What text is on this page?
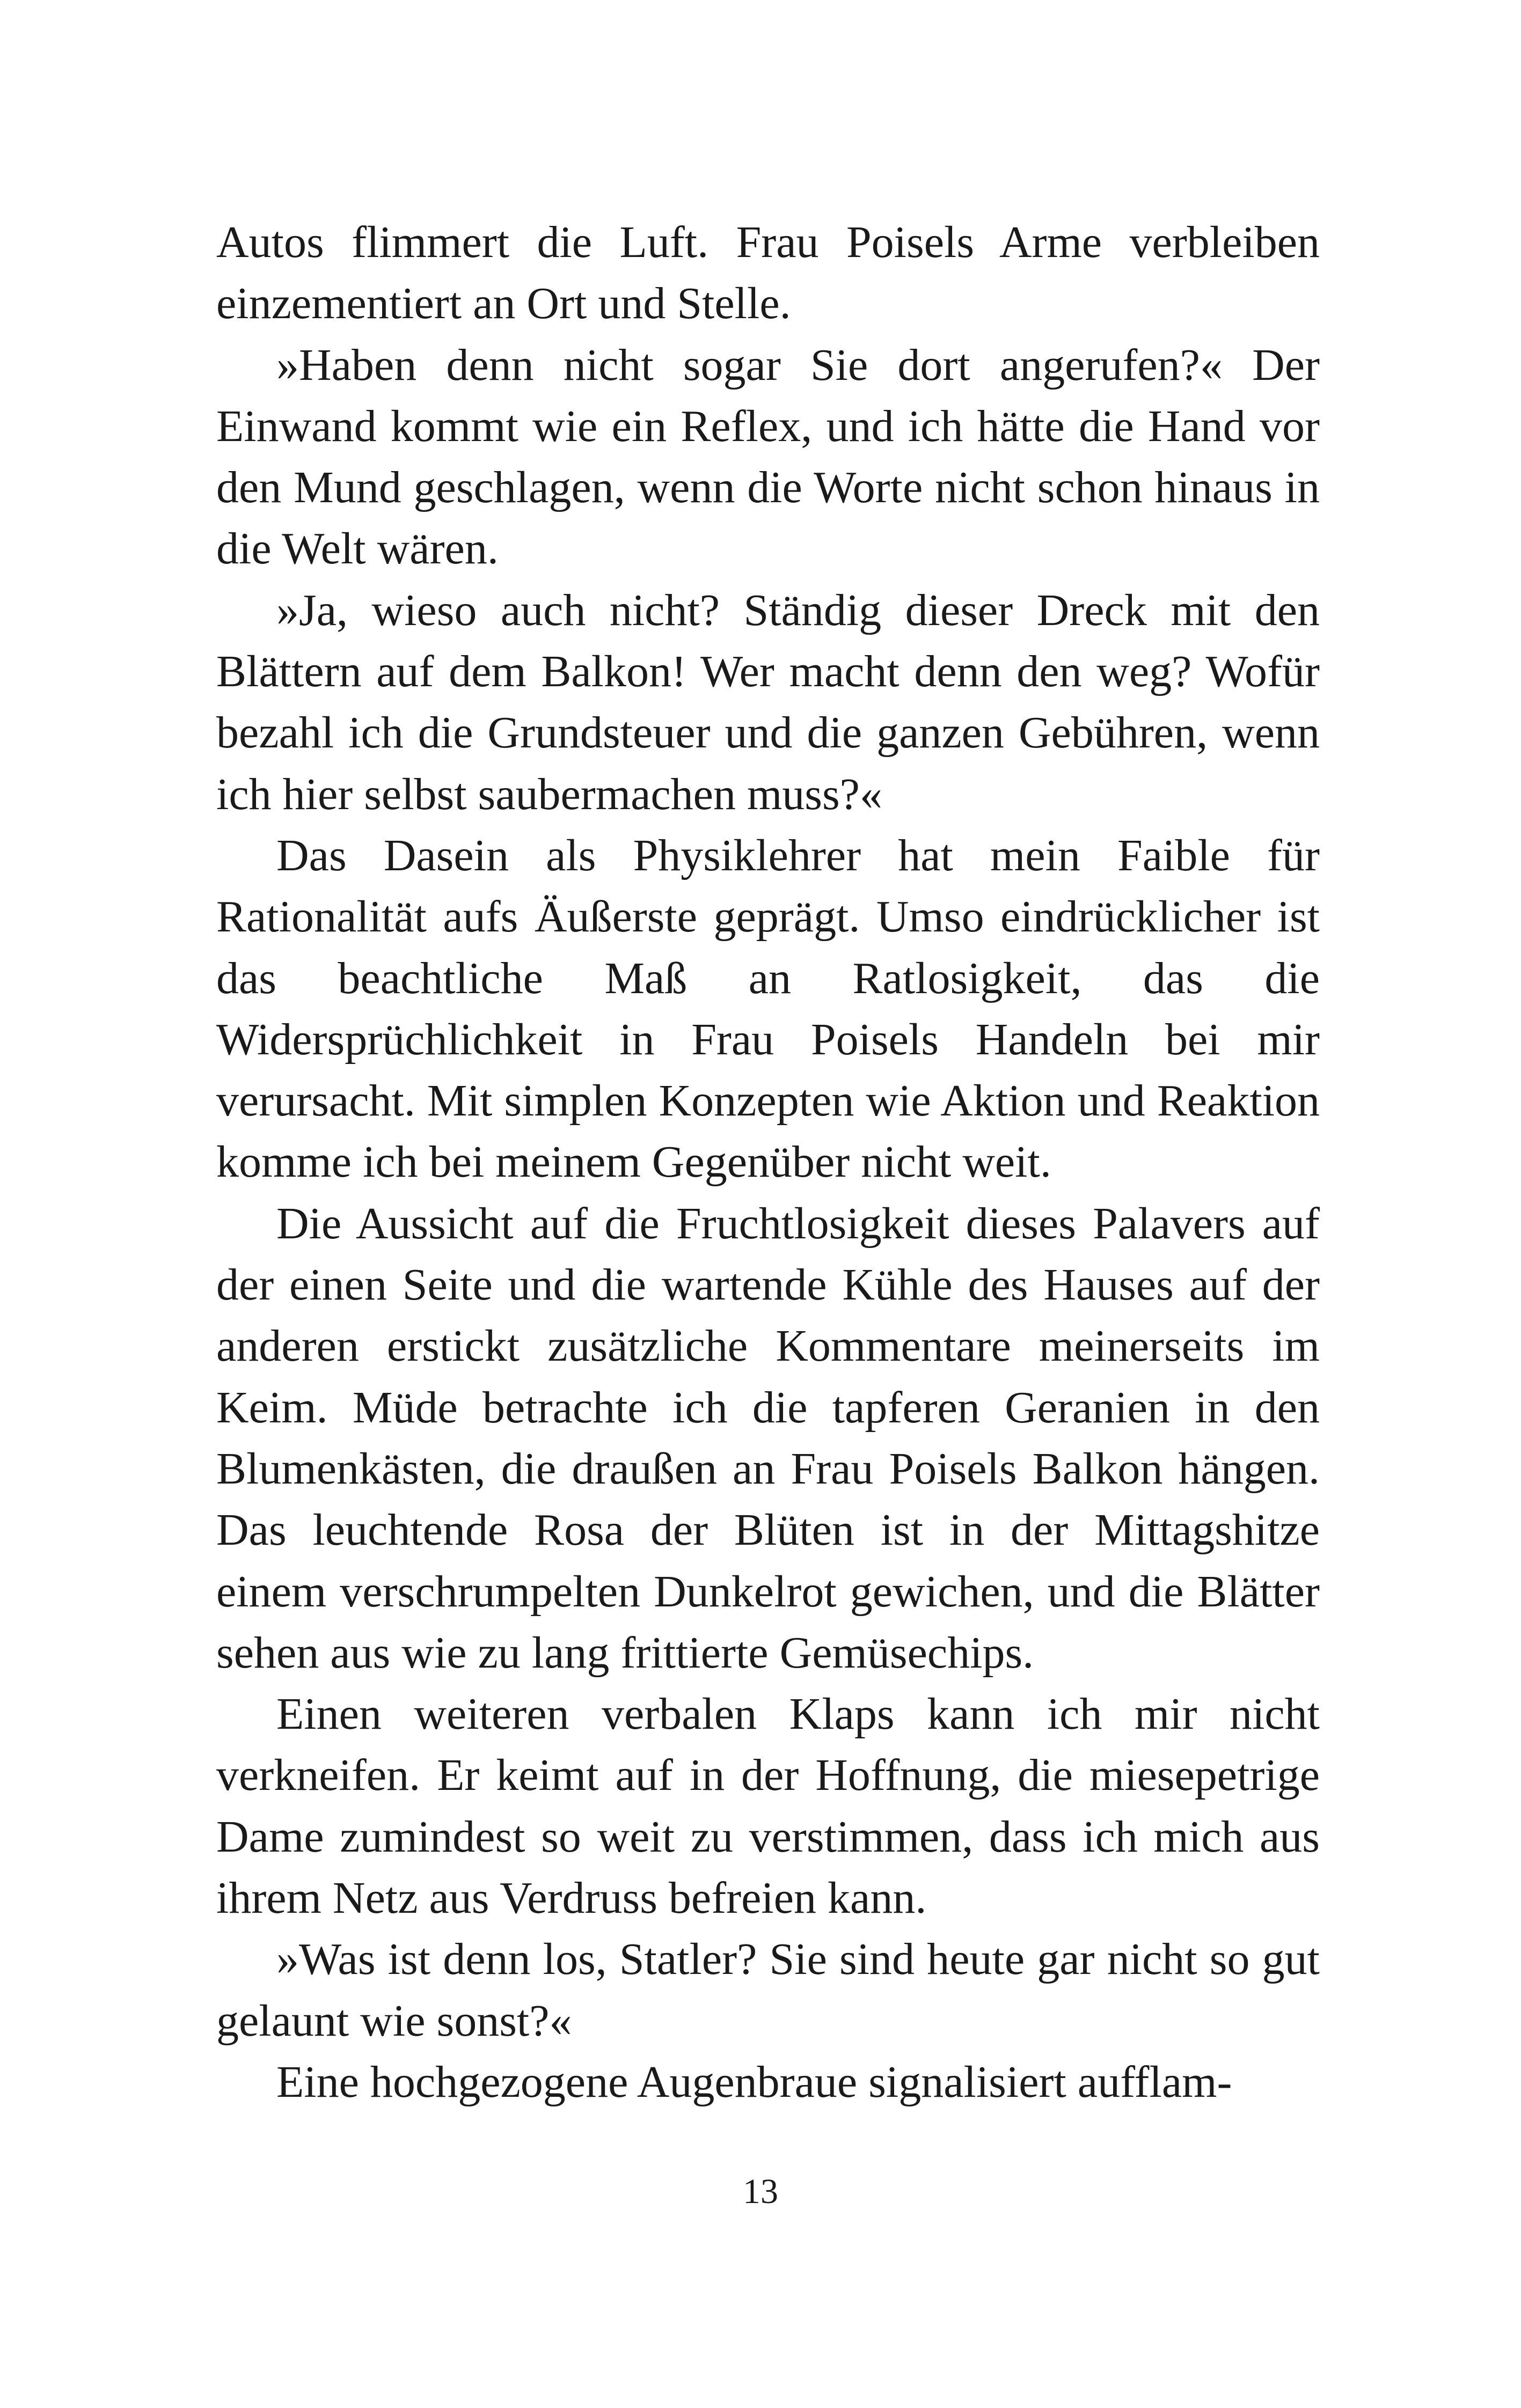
Autos flimmert die Luft. Frau Poisels Arme verbleiben einzementiert an Ort und Stelle.

»Haben denn nicht sogar Sie dort angerufen?« Der Einwand kommt wie ein Reflex, und ich hätte die Hand vor den Mund geschlagen, wenn die Worte nicht schon hinaus in die Welt wären.

»Ja, wieso auch nicht? Ständig dieser Dreck mit den Blättern auf dem Balkon! Wer macht denn den weg? Wofür bezahl ich die Grundsteuer und die ganzen Gebühren, wenn ich hier selbst saubermachen muss?«

Das Dasein als Physiklehrer hat mein Faible für Rationalität aufs Äußerste geprägt. Umso eindrücklicher ist das beachtliche Maß an Ratlosigkeit, das die Widersprüchlichkeit in Frau Poisels Handeln bei mir verursacht. Mit simplen Konzepten wie Aktion und Reaktion komme ich bei meinem Gegenüber nicht weit.

Die Aussicht auf die Fruchtlosigkeit dieses Palavers auf der einen Seite und die wartende Kühle des Hauses auf der anderen erstickt zusätzliche Kommentare meinerseits im Keim. Müde betrachte ich die tapferen Geranien in den Blumenkästen, die draußen an Frau Poisels Balkon hängen. Das leuchtende Rosa der Blüten ist in der Mittagshitze einem verschrumpelten Dunkelrot gewichen, und die Blätter sehen aus wie zu lang frittierte Gemüsechips.

Einen weiteren verbalen Klaps kann ich mir nicht verkneifen. Er keimt auf in der Hoffnung, die miesepetrige Dame zumindest so weit zu verstimmen, dass ich mich aus ihrem Netz aus Verdruss befreien kann.

»Was ist denn los, Statler? Sie sind heute gar nicht so gut gelaunt wie sonst?«

Eine hochgezogene Augenbraue signalisiert aufflam-

13
